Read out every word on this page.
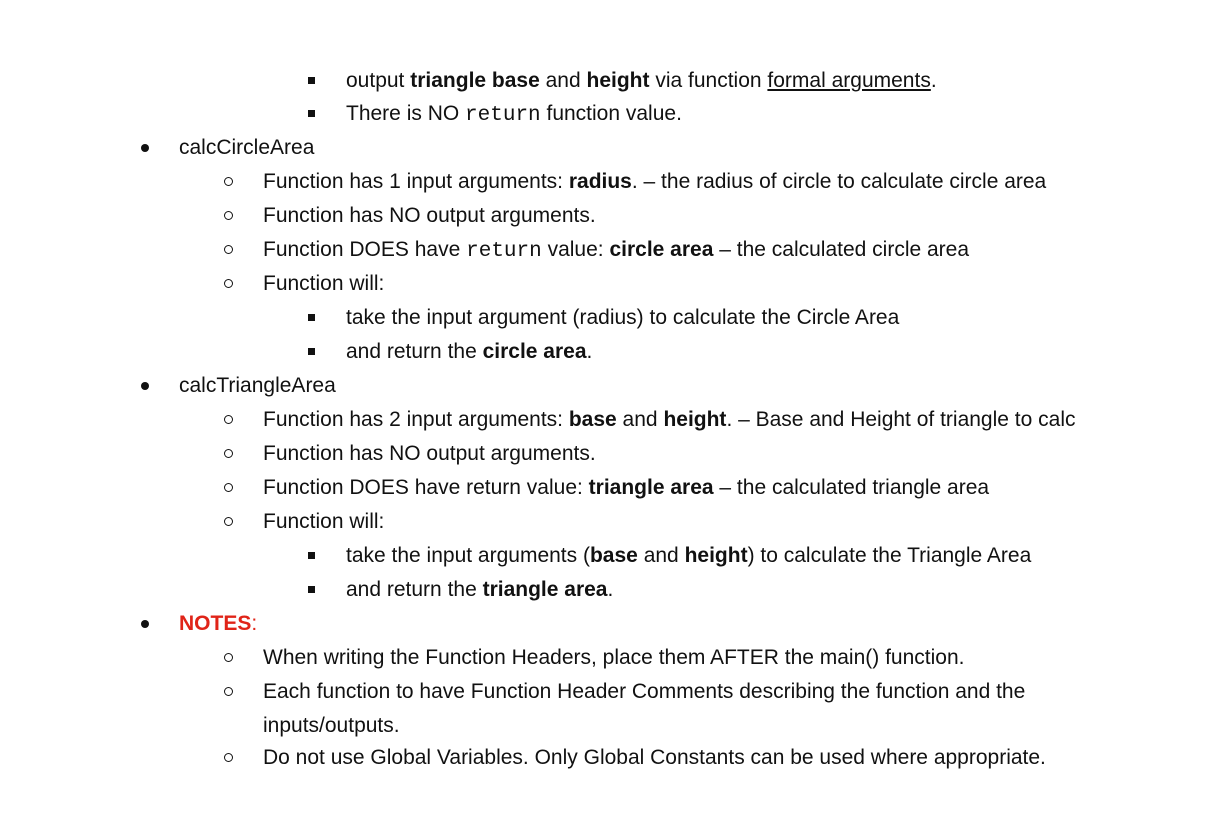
output triangle base and height via function formal arguments.
There is NO return function value.
calcCircleArea
Function has 1 input arguments: radius. – the radius of circle to calculate circle area
Function has NO output arguments.
Function DOES have return value: circle area – the calculated circle area
Function will:
take the input argument (radius) to calculate the Circle Area
and return the circle area.
calcTriangleArea
Function has 2 input arguments: base and height. – Base and Height of triangle to calc
Function has NO output arguments.
Function DOES have return value: triangle area – the calculated triangle area
Function will:
take the input arguments (base and height) to calculate the Triangle Area
and return the triangle area.
NOTES:
When writing the Function Headers, place them AFTER the main() function.
Each function to have Function Header Comments describing the function and the
inputs/outputs.
Do not use Global Variables. Only Global Constants can be used where appropriate.
